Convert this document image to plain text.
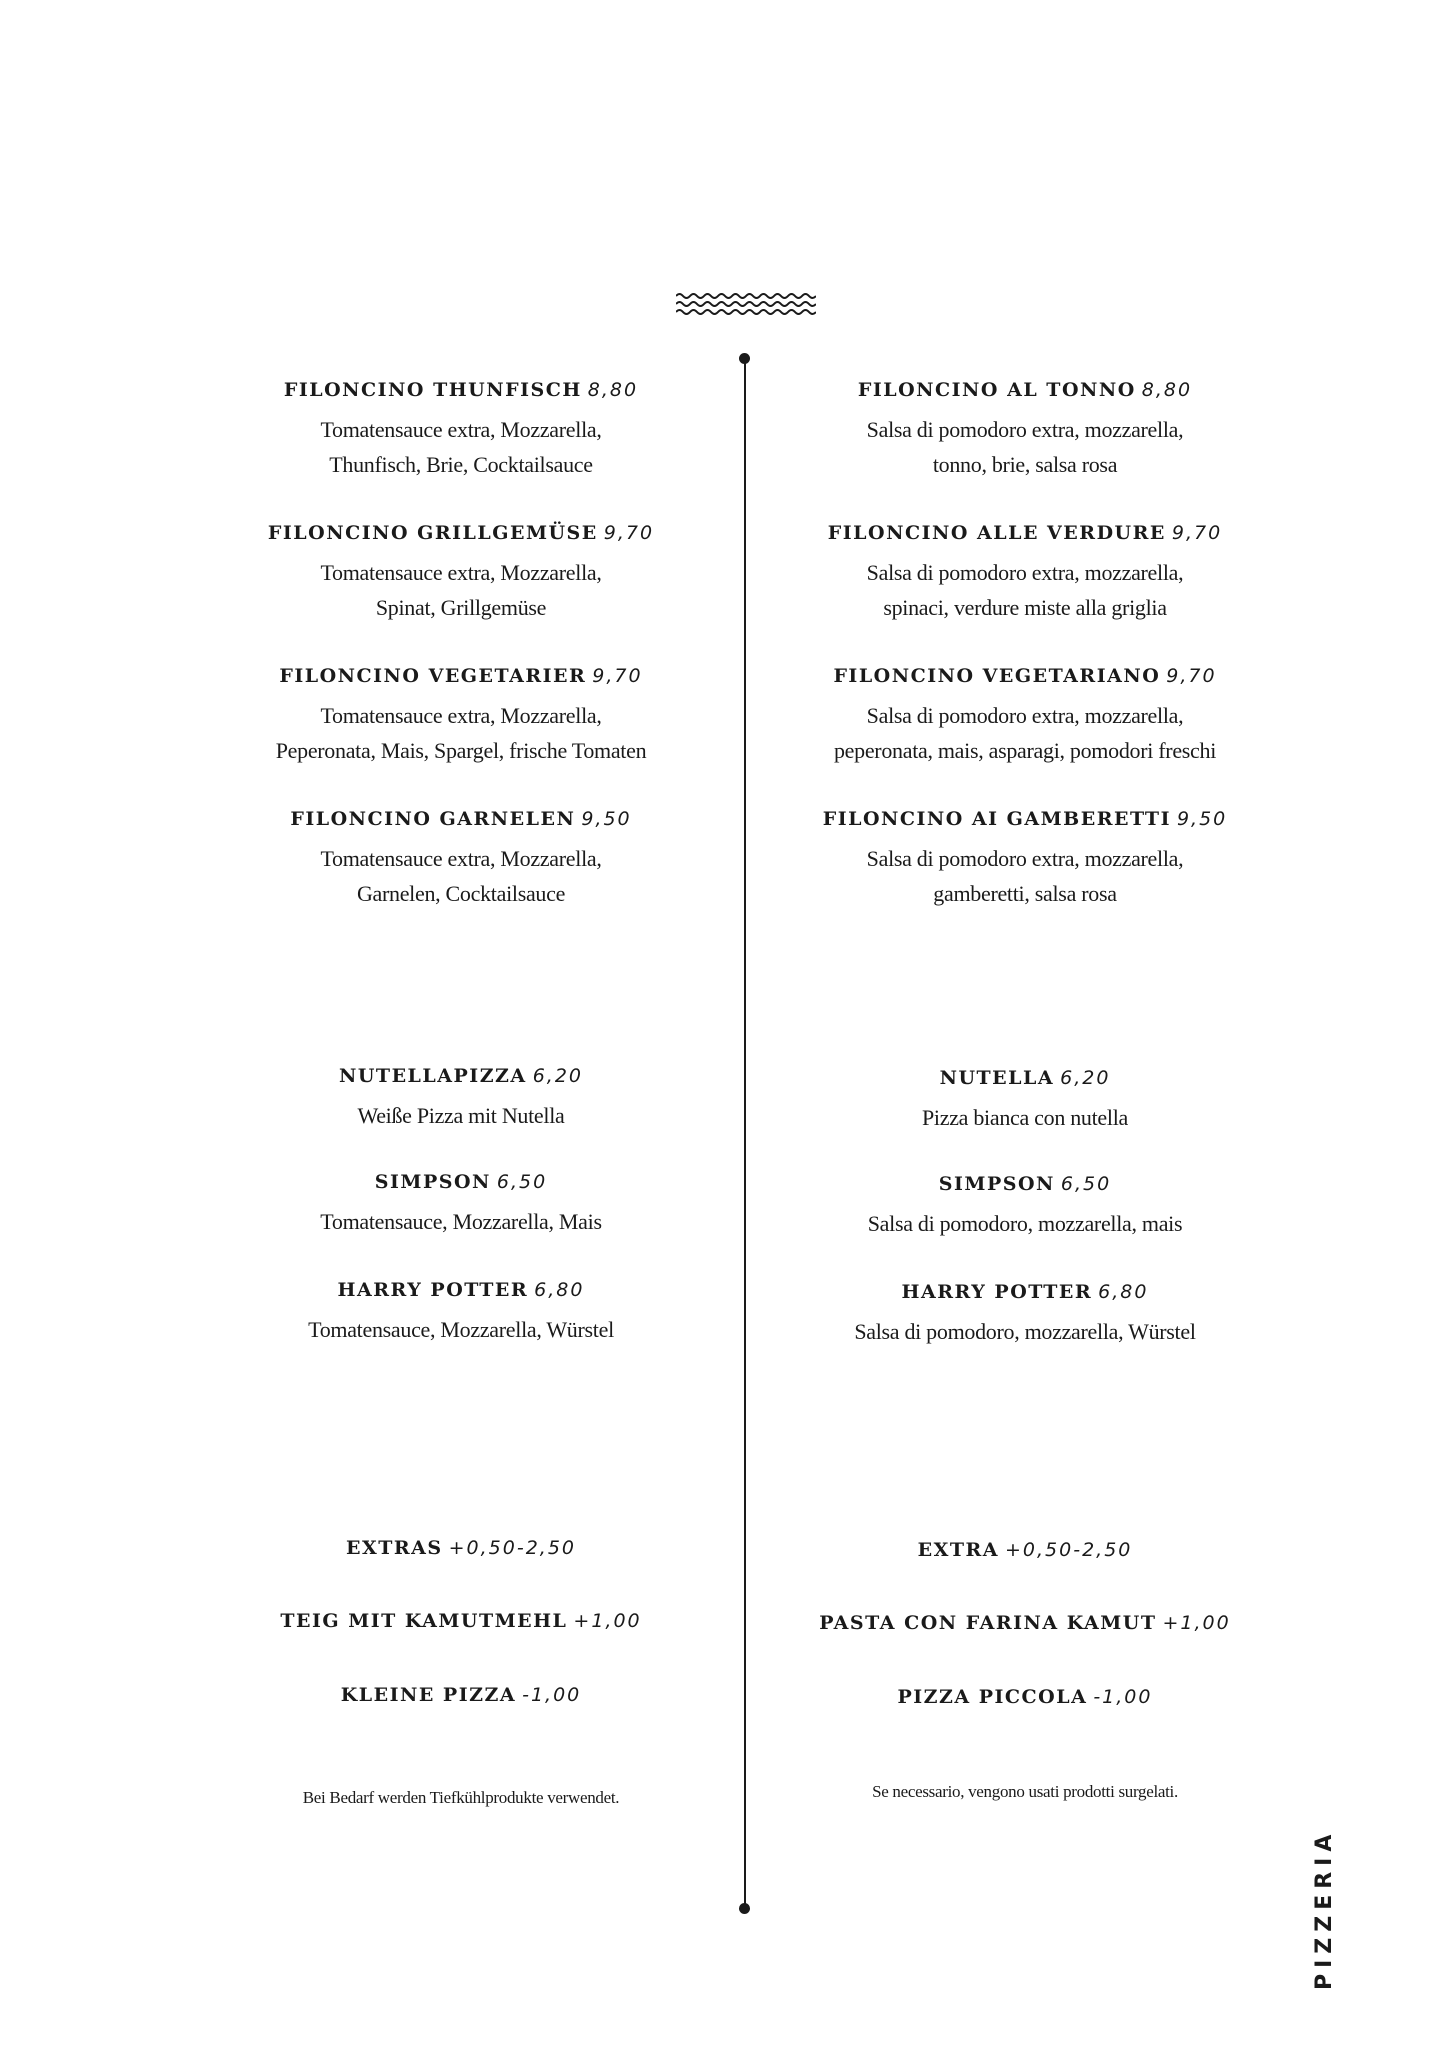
FILONCINO THUNFISCH 8,80
Tomatensauce extra, Mozzarella,
Thunfisch, Brie, Cocktailsauce
FILONCINO GRILLGEMÜSE 9,70
Tomatensauce extra, Mozzarella,
Spinat, Grillgemüse
FILONCINO VEGETARIER 9,70
Tomatensauce extra, Mozzarella,
Peperonata, Mais, Spargel, frische Tomaten
FILONCINO GARNELEN 9,50
Tomatensauce extra, Mozzarella,
Garnelen, Cocktailsauce
NUTELLAPIZZA 6,20
Weiße Pizza mit Nutella
SIMPSON 6,50
Tomatensauce, Mozzarella, Mais
HARRY POTTER 6,80
Tomatensauce, Mozzarella, Würstel
EXTRAS +0,50-2,50
TEIG MIT KAMUTMEHL +1,00
KLEINE PIZZA -1,00
Bei Bedarf werden Tiefkühlprodukte verwendet.
FILONCINO AL TONNO 8,80
Salsa di pomodoro extra, mozzarella,
tonno, brie, salsa rosa
FILONCINO ALLE VERDURE 9,70
Salsa di pomodoro extra, mozzarella,
spinaci, verdure miste alla griglia
FILONCINO VEGETARIANO 9,70
Salsa di pomodoro extra, mozzarella,
peperonata, mais, asparagi, pomodori freschi
FILONCINO AI GAMBERETTI 9,50
Salsa di pomodoro extra, mozzarella,
gamberetti, salsa rosa
NUTELLA 6,20
Pizza bianca con nutella
SIMPSON 6,50
Salsa di pomodoro, mozzarella, mais
HARRY POTTER 6,80
Salsa di pomodoro, mozzarella, Würstel
EXTRA +0,50-2,50
PASTA CON FARINA KAMUT +1,00
PIZZA PICCOLA -1,00
Se necessario, vengono usati prodotti surgelati.
PIZZERIA
